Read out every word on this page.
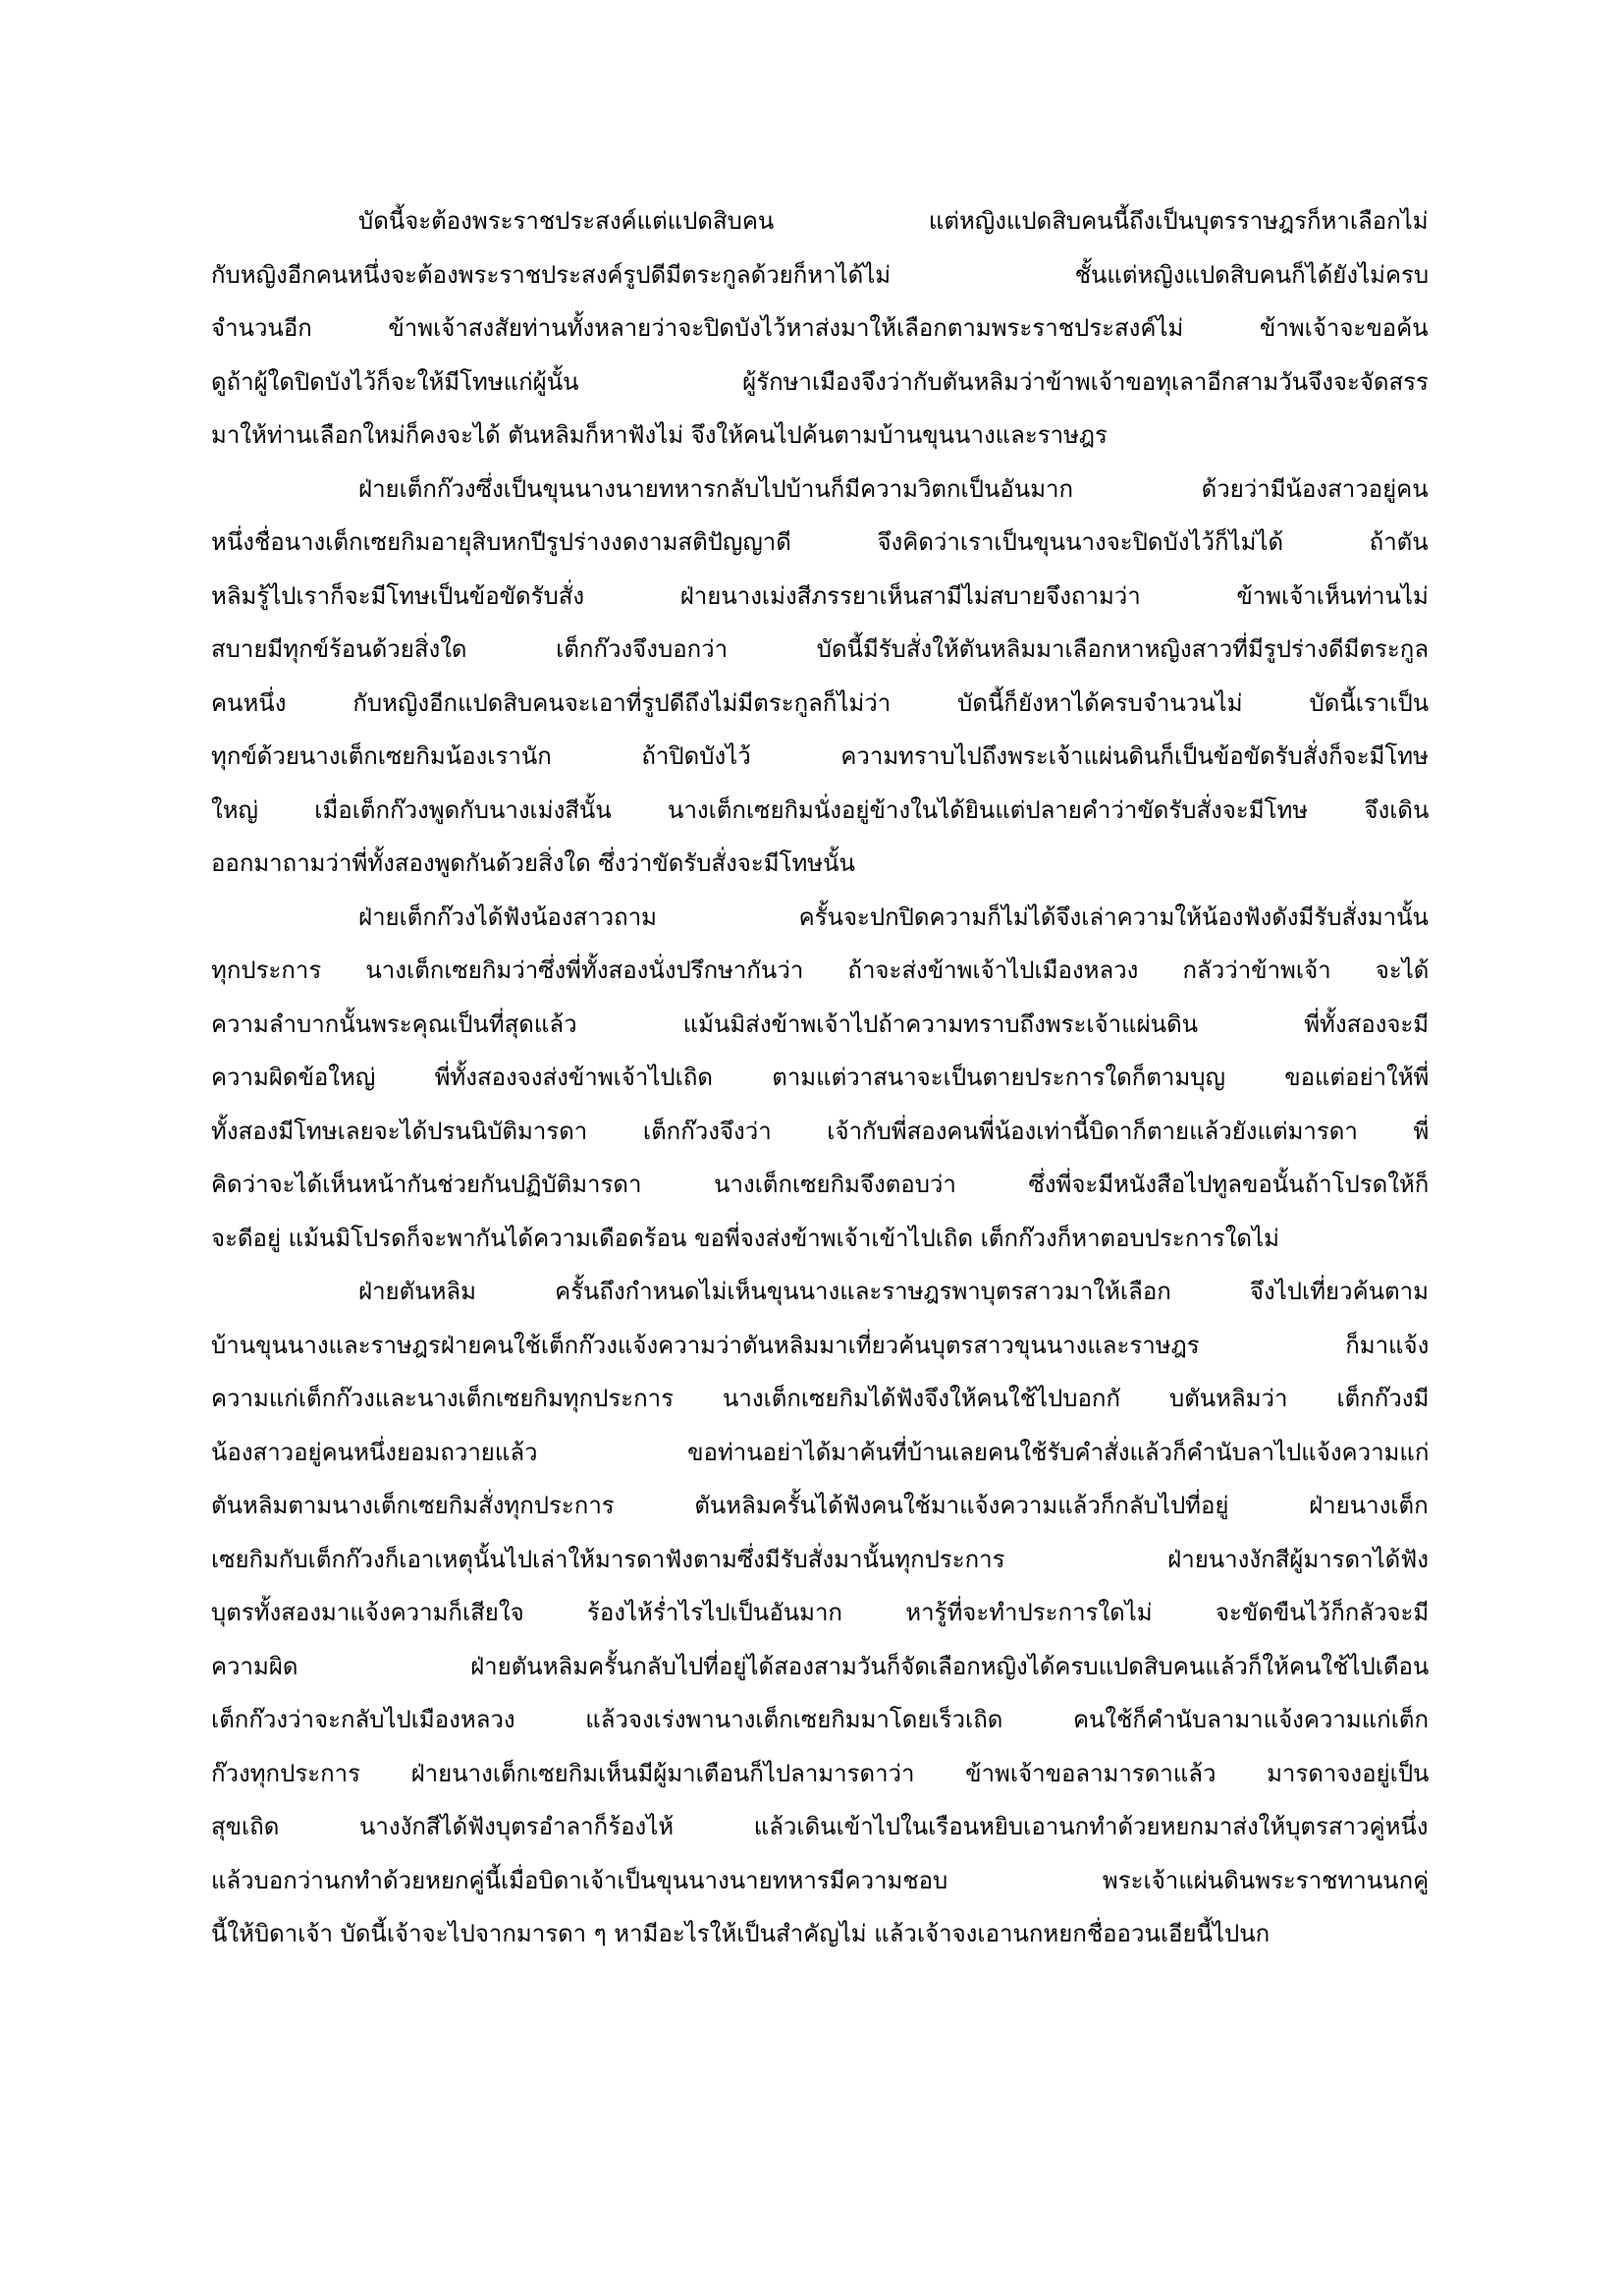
บัดนี้จะต้องพระราชประสงค์แต่แปดสิบคน แต่หญิงแปดสิบคนนี้ถึงเป็นบุตรราษฎรก็หาเลือกไม่
กับหญิงอีกคนหนึ่งจะต้องพระราชประสงค์รูปดีมีตระกูลด้วยก็หาได้ไม่ ชั้นแต่หญิงแปดสิบคนก็ได้ยังไม่ครบ
จำนวนอีก ข้าพเจ้าสงสัยท่านทั้งหลายว่าจะปิดบังไว้หาส่งมาให้เลือกตามพระราชประสงค์ไม่ ข้าพเจ้าจะขอค้น
ดูถ้าผู้ใดปิดบังไว้ก็จะให้มีโทษแก่ผู้นั้น ผู้รักษาเมืองจึงว่ากับตันหลิมว่าข้าพเจ้าขอทุเลาอีกสามวันจึงจะจัดสรร
มาให้ท่านเลือกใหม่ก็คงจะได้ ตันหลิมก็หาฟังไม่ จึงให้คนไปค้นตามบ้านขุนนางและราษฎร
ฝ่ายเต็กก๊วงซึ่งเป็นขุนนางนายทหารกลับไปบ้านก็มีความวิตกเป็นอันมาก ด้วยว่ามีน้องสาวอยู่คน
หนึ่งชื่อนางเต็กเซยกิมอายุสิบหกปีรูปร่างงดงามสติปัญญาดี จึงคิดว่าเราเป็นขุนนางจะปิดบังไว้ก็ไม่ได้ ถ้าตัน
หลิมรู้ไปเราก็จะมีโทษเป็นข้อขัดรับสั่ง ฝ่ายนางเม่งสีภรรยาเห็นสามีไม่สบายจึงถามว่า ข้าพเจ้าเห็นท่านไม่
สบายมีทุกข์ร้อนด้วยสิ่งใด เต็กก๊วงจึงบอกว่า บัดนี้มีรับสั่งให้ตันหลิมมาเลือกหาหญิงสาวที่มีรูปร่างดีมีตระกูล
คนหนึ่ง กับหญิงอีกแปดสิบคนจะเอาที่รูปดีถึงไม่มีตระกูลก็ไม่ว่า บัดนี้ก็ยังหาได้ครบจำนวนไม่ บัดนี้เราเป็น
ทุกข์ด้วยนางเต็กเซยกิมน้องเรานัก ถ้าปิดบังไว้ ความทราบไปถึงพระเจ้าแผ่นดินก็เป็นข้อขัดรับสั่งก็จะมีโทษ
ใหญ่ เมื่อเต็กก๊วงพูดกับนางเม่งสีนั้น นางเต็กเซยกิมนั่งอยู่ข้างในได้ยินแต่ปลายคำว่าขัดรับสั่งจะมีโทษ จึงเดิน
ออกมาถามว่าพี่ทั้งสองพูดกันด้วยสิ่งใด ซึ่งว่าขัดรับสั่งจะมีโทษนั้น
ฝ่ายเต็กก๊วงได้ฟังน้องสาวถาม ครั้นจะปกปิดความก็ไม่ได้จึงเล่าความให้น้องฟังดังมีรับสั่งมานั้น
ทุกประการ นางเต็กเซยกิมว่าซึ่งพี่ทั้งสองนั่งปรึกษากันว่า ถ้าจะส่งข้าพเจ้าไปเมืองหลวง กลัวว่าข้าพเจ้า จะได้
ความลำบากนั้นพระคุณเป็นที่สุดแล้ว แม้นมิส่งข้าพเจ้าไปถ้าความทราบถึงพระเจ้าแผ่นดิน พี่ทั้งสองจะมี
ความผิดข้อใหญ่ พี่ทั้งสองจงส่งข้าพเจ้าไปเถิด ตามแต่วาสนาจะเป็นตายประการใดก็ตามบุญ ขอแต่อย่าให้พี่
ทั้งสองมีโทษเลยจะได้ปรนนิบัติมารดา เต็กก๊วงจึงว่า เจ้ากับพี่สองคนพี่น้องเท่านี้บิดาก็ตายแล้วยังแต่มารดา พี่
คิดว่าจะได้เห็นหน้ากันช่วยกันปฏิบัติมารดา นางเต็กเซยกิมจึงตอบว่า ซึ่งพี่จะมีหนังสือไปทูลขอนั้นถ้าโปรดให้ก็
จะดีอยู่ แม้นมิโปรดก็จะพากันได้ความเดือดร้อน ขอพี่จงส่งข้าพเจ้าเข้าไปเถิด เต็กก๊วงก็หาตอบประการใดไม่
ฝ่ายตันหลิม ครั้นถึงกำหนดไม่เห็นขุนนางและราษฎรพาบุตรสาวมาให้เลือก จึงไปเที่ยวค้นตาม
บ้านขุนนางและราษฎรฝ่ายคนใช้เต็กก๊วงแจ้งความว่าตันหลิมมาเที่ยวค้นบุตรสาวขุนนางและราษฎร ก็มาแจ้ง
ความแก่เต็กก๊วงและนางเต็กเซยกิมทุกประการ นางเต็กเซยกิมได้ฟังจึงให้คนใช้ไปบอกกั บตันหลิมว่า เต็กก๊วงมี
น้องสาวอยู่คนหนึ่งยอมถวายแล้ว ขอท่านอย่าได้มาค้นที่บ้านเลยคนใช้รับคำสั่งแล้วก็คำนับลาไปแจ้งความแก่
ตันหลิมตามนางเต็กเซยกิมสั่งทุกประการ ตันหลิมครั้นได้ฟังคนใช้มาแจ้งความแล้วก็กลับไปที่อยู่ ฝ่ายนางเต็ก
เซยกิมกับเต็กก๊วงก็เอาเหตุนั้นไปเล่าให้มารดาฟังตามซึ่งมีรับสั่งมานั้นทุกประการ ฝ่ายนางงักสีผู้มารดาได้ฟัง
บุตรทั้งสองมาแจ้งความก็เสียใจ ร้องไห้ร่ำไรไปเป็นอันมาก หารู้ที่จะทำประการใดไม่ จะขัดขืนไว้ก็กลัวจะมี
ความผิด ฝ่ายตันหลิมครั้นกลับไปที่อยู่ได้สองสามวันก็จัดเลือกหญิงได้ครบแปดสิบคนแล้วก็ให้คนใช้ไปเตือน
เต็กก๊วงว่าจะกลับไปเมืองหลวง แล้วจงเร่งพานางเต็กเซยกิมมาโดยเร็วเถิด คนใช้ก็คำนับลามาแจ้งความแก่เต็ก
ก๊วงทุกประการ ฝ่ายนางเต็กเซยกิมเห็นมีผู้มาเตือนก็ไปลามารดาว่า ข้าพเจ้าขอลามารดาแล้ว มารดาจงอยู่เป็น
สุขเถิด นางงักสีได้ฟังบุตรอำลาก็ร้องไห้ แล้วเดินเข้าไปในเรือนหยิบเอานกทำด้วยหยกมาส่งให้บุตรสาวคู่หนึ่ง
แล้วบอกว่านกทำด้วยหยกคู่นี้เมื่อบิดาเจ้าเป็นขุนนางนายทหารมีความชอบ พระเจ้าแผ่นดินพระราชทานนกคู่
นี้ให้บิดาเจ้า บัดนี้เจ้าจะไปจากมารดา ๆ หามีอะไรให้เป็นสำคัญไม่ แล้วเจ้าจงเอานกหยกชื่ออวนเอียนี้ไปนก
